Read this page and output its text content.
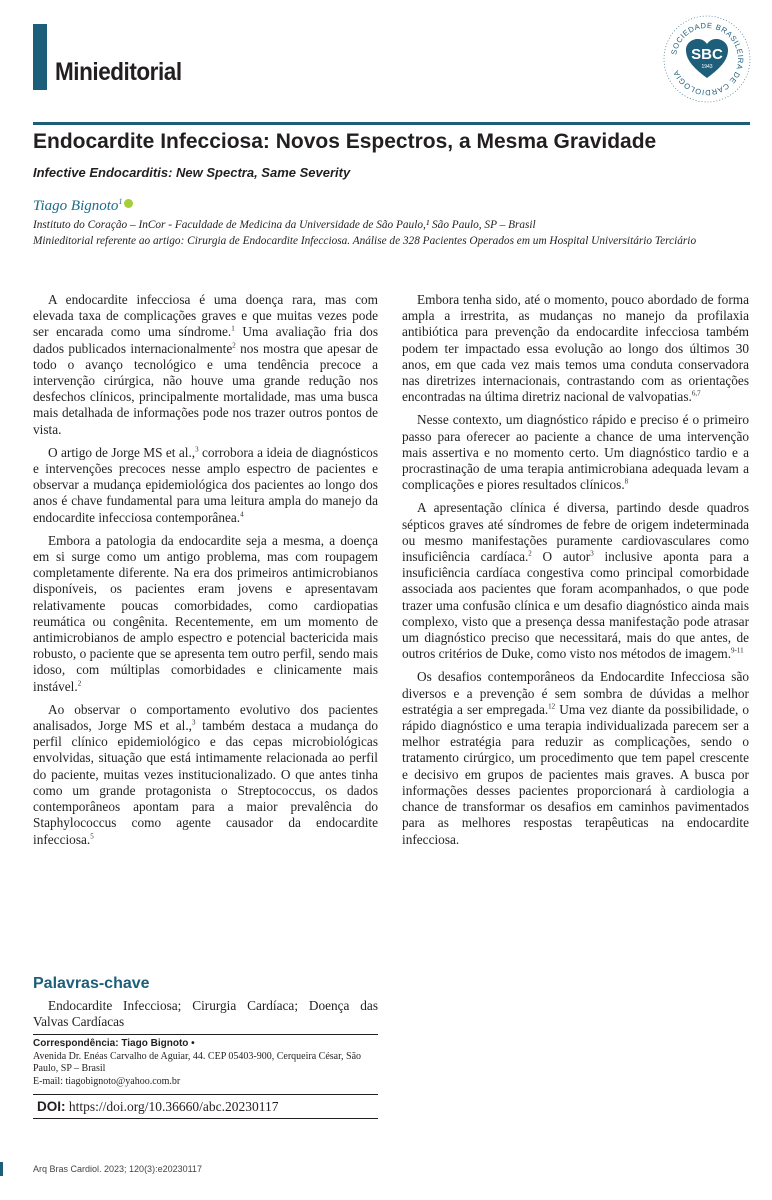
Minieditorial
SOCIEDADE BRASILEIRA DE CARDIOLOGIA
SBC
1943
Endocardite Infecciosa: Novos Espectros, a Mesma Gravidade
Infective Endocarditis: New Spectra, Same Severity
Tiago Bignoto$^1$
Instituto do Coração – InCor - Faculdade de Medicina da Universidade de São Paulo,¹ São Paulo, SP – Brasil
Minieditorial referente ao artigo: Cirurgia de Endocardite Infecciosa. Análise de 328 Pacientes Operados em um Hospital Universitário Terciário

A endocardite infecciosa é uma doença rara, mas com elevada taxa de complicações graves e que muitas vezes pode ser encarada como uma síndrome.$^1$ Uma avaliação fria dos dados publicados internacionalmente$^2$ nos mostra que apesar de todo o avanço tecnológico e uma tendência precoce a intervenção cirúrgica, não houve uma grande redução nos desfechos clínicos, principalmente mortalidade, mas uma busca mais detalhada de informações pode nos trazer outros pontos de vista.

O artigo de Jorge MS et al.,$^3$ corrobora a ideia de diagnósticos e intervenções precoces nesse amplo espectro de pacientes e observar a mudança epidemiológica dos pacientes ao longo dos anos é chave fundamental para uma leitura ampla do manejo da endocardite infecciosa contemporânea.$^4$

Embora a patologia da endocardite seja a mesma, a doença em si surge como um antigo problema, mas com roupagem completamente diferente. Na era dos primeiros antimicrobianos disponíveis, os pacientes eram jovens e apresentavam relativamente poucas comorbidades, como cardiopatias reumática ou congênita. Recentemente, em um momento de antimicrobianos de amplo espectro e potencial bactericida mais robusto, o paciente que se apresenta tem outro perfil, sendo mais idoso, com múltiplas comorbidades e clinicamente mais instável.$^2$

Ao observar o comportamento evolutivo dos pacientes analisados, Jorge MS et al.,$^3$ também destaca a mudança do perfil clínico epidemiológico e das cepas microbiológicas envolvidas, situação que está intimamente relacionada ao perfil do paciente, muitas vezes institucionalizado. O que antes tinha como um grande protagonista o Streptococcus, os dados contemporâneos apontam para a maior prevalência do Staphylococcus como agente causador da endocardite infecciosa.$^5$

Embora tenha sido, até o momento, pouco abordado de forma ampla a irrestrita, as mudanças no manejo da profilaxia antibiótica para prevenção da endocardite infecciosa também podem ter impactado essa evolução ao longo dos últimos 30 anos, em que cada vez mais temos uma conduta conservadora nas diretrizes internacionais, contrastando com as orientações encontradas na última diretriz nacional de valvopatias.$^{6,7}$

Nesse contexto, um diagnóstico rápido e preciso é o primeiro passo para oferecer ao paciente a chance de uma intervenção mais assertiva e no momento certo. Um diagnóstico tardio e a procrastinação de uma terapia antimicrobiana adequada levam a complicações e piores resultados clínicos.$^8$

A apresentação clínica é diversa, partindo desde quadros sépticos graves até síndromes de febre de origem indeterminada ou mesmo manifestações puramente cardiovasculares como insuficiência cardíaca.$^2$ O autor$^3$ inclusive aponta para a insuficiência cardíaca congestiva como principal comorbidade associada aos pacientes que foram acompanhados, o que pode trazer uma confusão clínica e um desafio diagnóstico ainda mais complexo, visto que a presença dessa manifestação pode atrasar um diagnóstico preciso que necessitará, mais do que antes, de outros critérios de Duke, como visto nos métodos de imagem.$^{9-11}$

Os desafios contemporâneos da Endocardite Infecciosa são diversos e a prevenção é sem sombra de dúvidas a melhor estratégia a ser empregada.$^{12}$ Uma vez diante da possibilidade, o rápido diagnóstico e uma terapia individualizada parecem ser a melhor estratégia para reduzir as complicações, sendo o tratamento cirúrgico, um procedimento que tem papel crescente e decisivo em grupos de pacientes mais graves. A busca por informações desses pacientes proporcionará à cardiologia a chance de transformar os desafios em caminhos pavimentados para as melhores respostas terapêuticas na endocardite infecciosa.

Palavras-chave
Endocardite Infecciosa; Cirurgia Cardíaca; Doença das Valvas Cardíacas
Correspondência: Tiago Bignoto •
Avenida Dr. Enéas Carvalho de Aguiar, 44. CEP 05403-900, Cerqueira César, São Paulo, SP – Brasil
E-mail: tiagobignoto@yahoo.com.br
DOI: https://doi.org/10.36660/abc.20230117
Arq Bras Cardiol. 2023; 120(3):e20230117
